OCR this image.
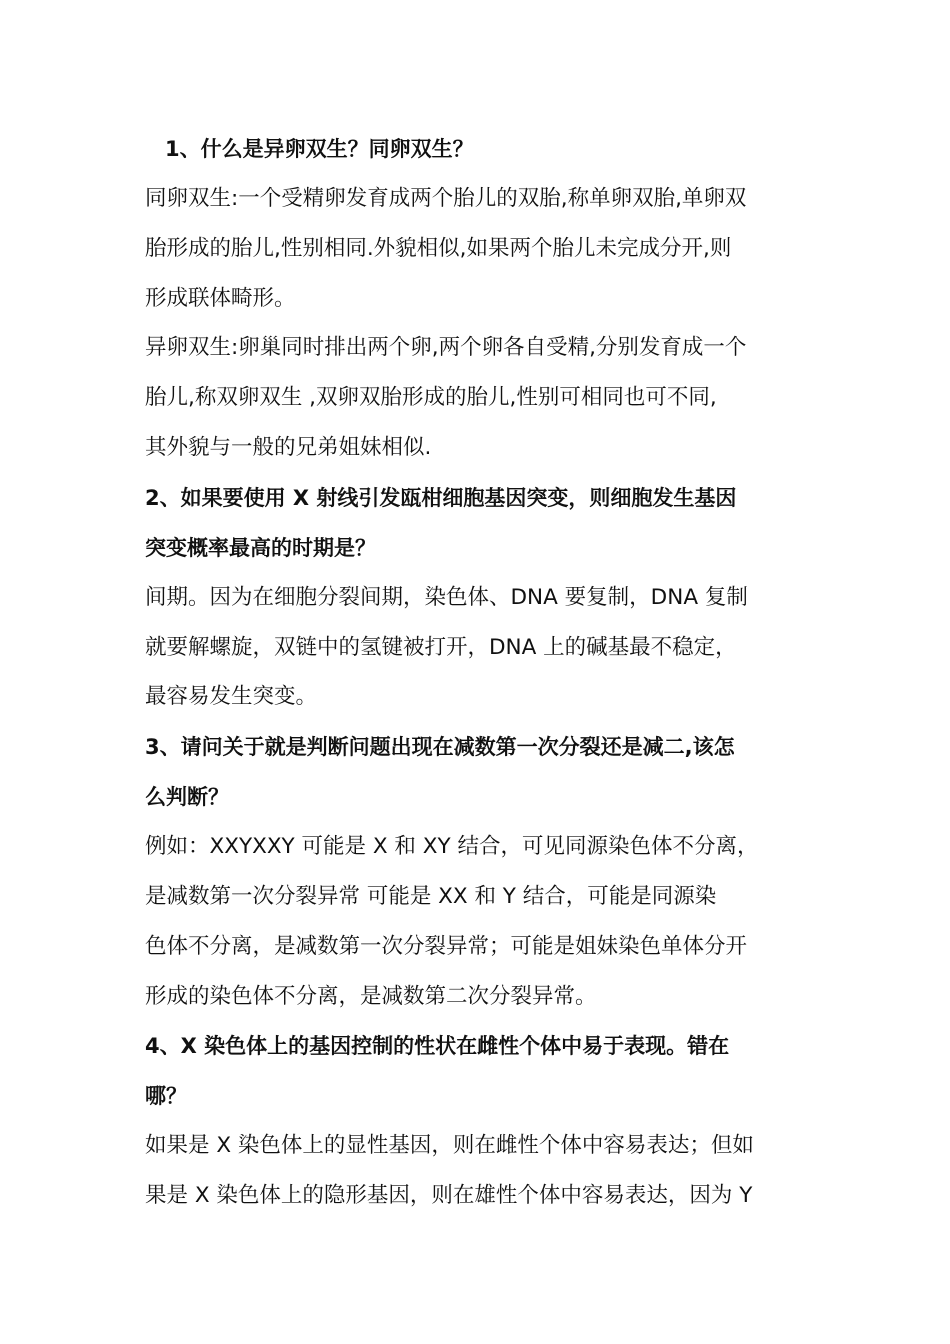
1、什么是异卵双生？同卵双生？
同卵双生:一个受精卵发育成两个胎儿的双胎,称单卵双胎,单卵双
胎形成的胎儿,性别相同.外貌相似,如果两个胎儿未完成分开,则
形成联体畸形。
异卵双生:卵巢同时排出两个卵,两个卵各自受精,分别发育成一个
胎儿,称双卵双生 ,双卵双胎形成的胎儿,性别可相同也可不同,
其外貌与一般的兄弟姐妹相似.
2、如果要使用 X 射线引发瓯柑细胞基因突变，则细胞发生基因
突变概率最高的时期是？
间期。因为在细胞分裂间期，染色体、DNA 要复制，DNA 复制
就要解螺旋，双链中的氢键被打开，DNA 上的碱基最不稳定，
最容易发生突变。
3、请问关于就是判断问题出现在减数第一次分裂还是减二,该怎
么判断？
例如：XXYXXY 可能是 X 和 XY 结合，可见同源染色体不分离，
是减数第一次分裂异常 可能是 XX 和 Y 结合，可能是同源染
色体不分离，是减数第一次分裂异常；可能是姐妹染色单体分开
形成的染色体不分离，是减数第二次分裂异常。
4、X 染色体上的基因控制的性状在雌性个体中易于表现。错在
哪？
如果是 X 染色体上的显性基因，则在雌性个体中容易表达；但如
果是 X 染色体上的隐形基因，则在雄性个体中容易表达，因为 Y
